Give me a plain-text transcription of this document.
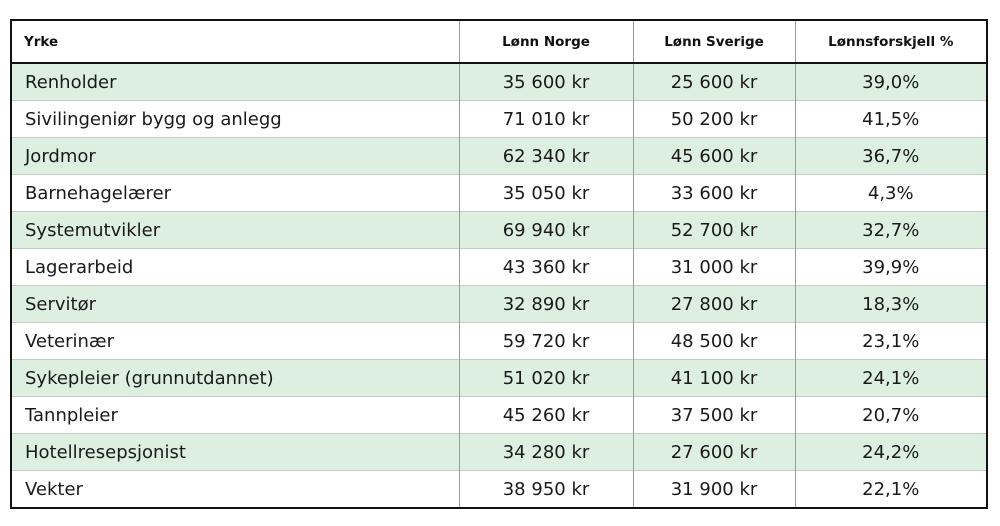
Yrke	Lønn Norge	Lønn Sverige	Lønnsforskjell %
Renholder	35 600 kr	25 600 kr	39,0%
Sivilingeniør bygg og anlegg	71 010 kr	50 200 kr	41,5%
Jordmor	62 340 kr	45 600 kr	36,7%
Barnehagelærer	35 050 kr	33 600 kr	4,3%
Systemutvikler	69 940 kr	52 700 kr	32,7%
Lagerarbeid	43 360 kr	31 000 kr	39,9%
Servitør	32 890 kr	27 800 kr	18,3%
Veterinær	59 720 kr	48 500 kr	23,1%
Sykepleier (grunnutdannet)	51 020 kr	41 100 kr	24,1%
Tannpleier	45 260 kr	37 500 kr	20,7%
Hotellresepsjonist	34 280 kr	27 600 kr	24,2%
Vekter	38 950 kr	31 900 kr	22,1%
